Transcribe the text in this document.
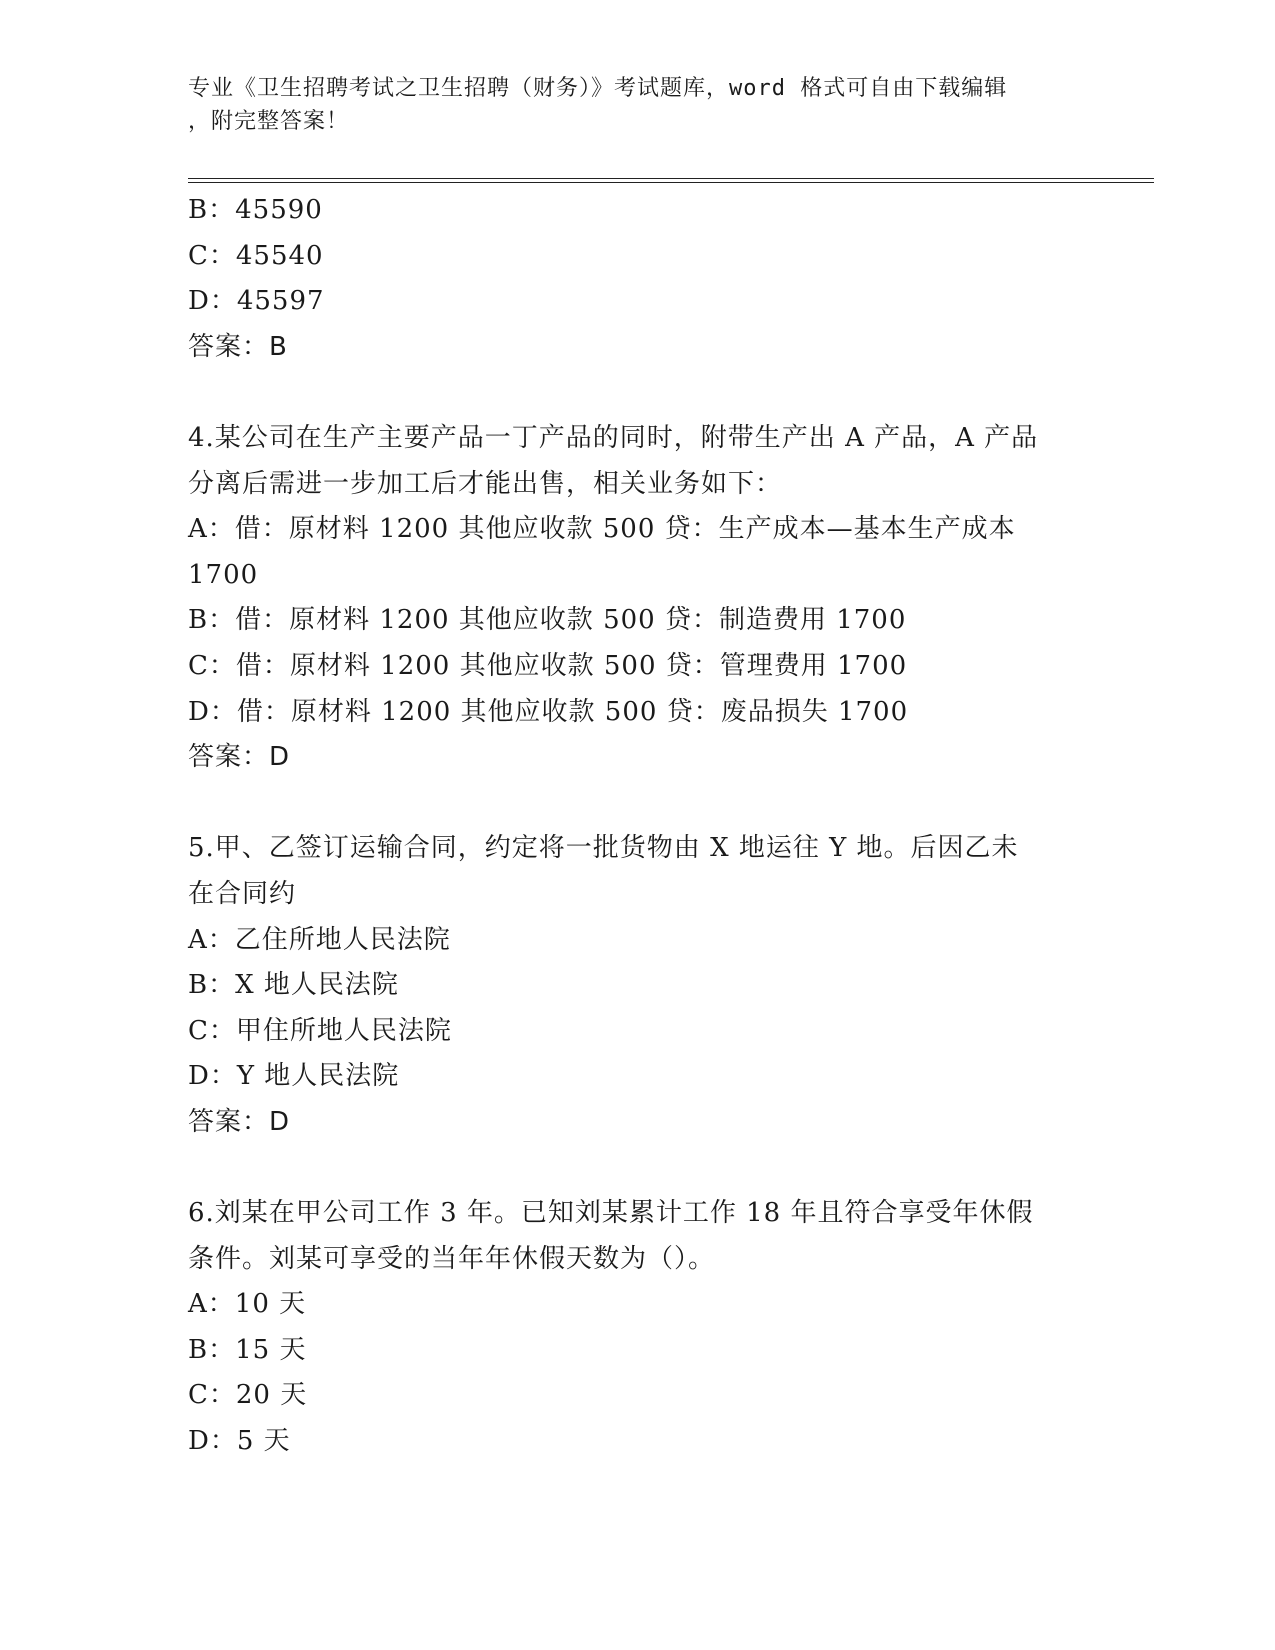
专业《卫生招聘考试之卫生招聘（财务）》考试题库，word 格式可自由下载编辑
，附完整答案！
B：45590
C：45540
D：45597
答案：B
4.某公司在生产主要产品一丁产品的同时，附带生产出 A 产品，A 产品
分离后需进一步加工后才能出售，相关业务如下：
A：借：原材料 1200 其他应收款 500 贷：生产成本—基本生产成本
1700
B：借：原材料 1200 其他应收款 500 贷：制造费用 1700
C：借：原材料 1200 其他应收款 500 贷：管理费用 1700
D：借：原材料 1200 其他应收款 500 贷：废品损失 1700
答案：D
5.甲、乙签订运输合同，约定将一批货物由 X 地运往 Y 地。后因乙未
在合同约
A：乙住所地人民法院
B：X 地人民法院
C：甲住所地人民法院
D：Y 地人民法院
答案：D
6.刘某在甲公司工作 3 年。已知刘某累计工作 18 年且符合享受年休假
条件。刘某可享受的当年年休假天数为（）。
A：10 天
B：15 天
C：20 天
D：5 天
